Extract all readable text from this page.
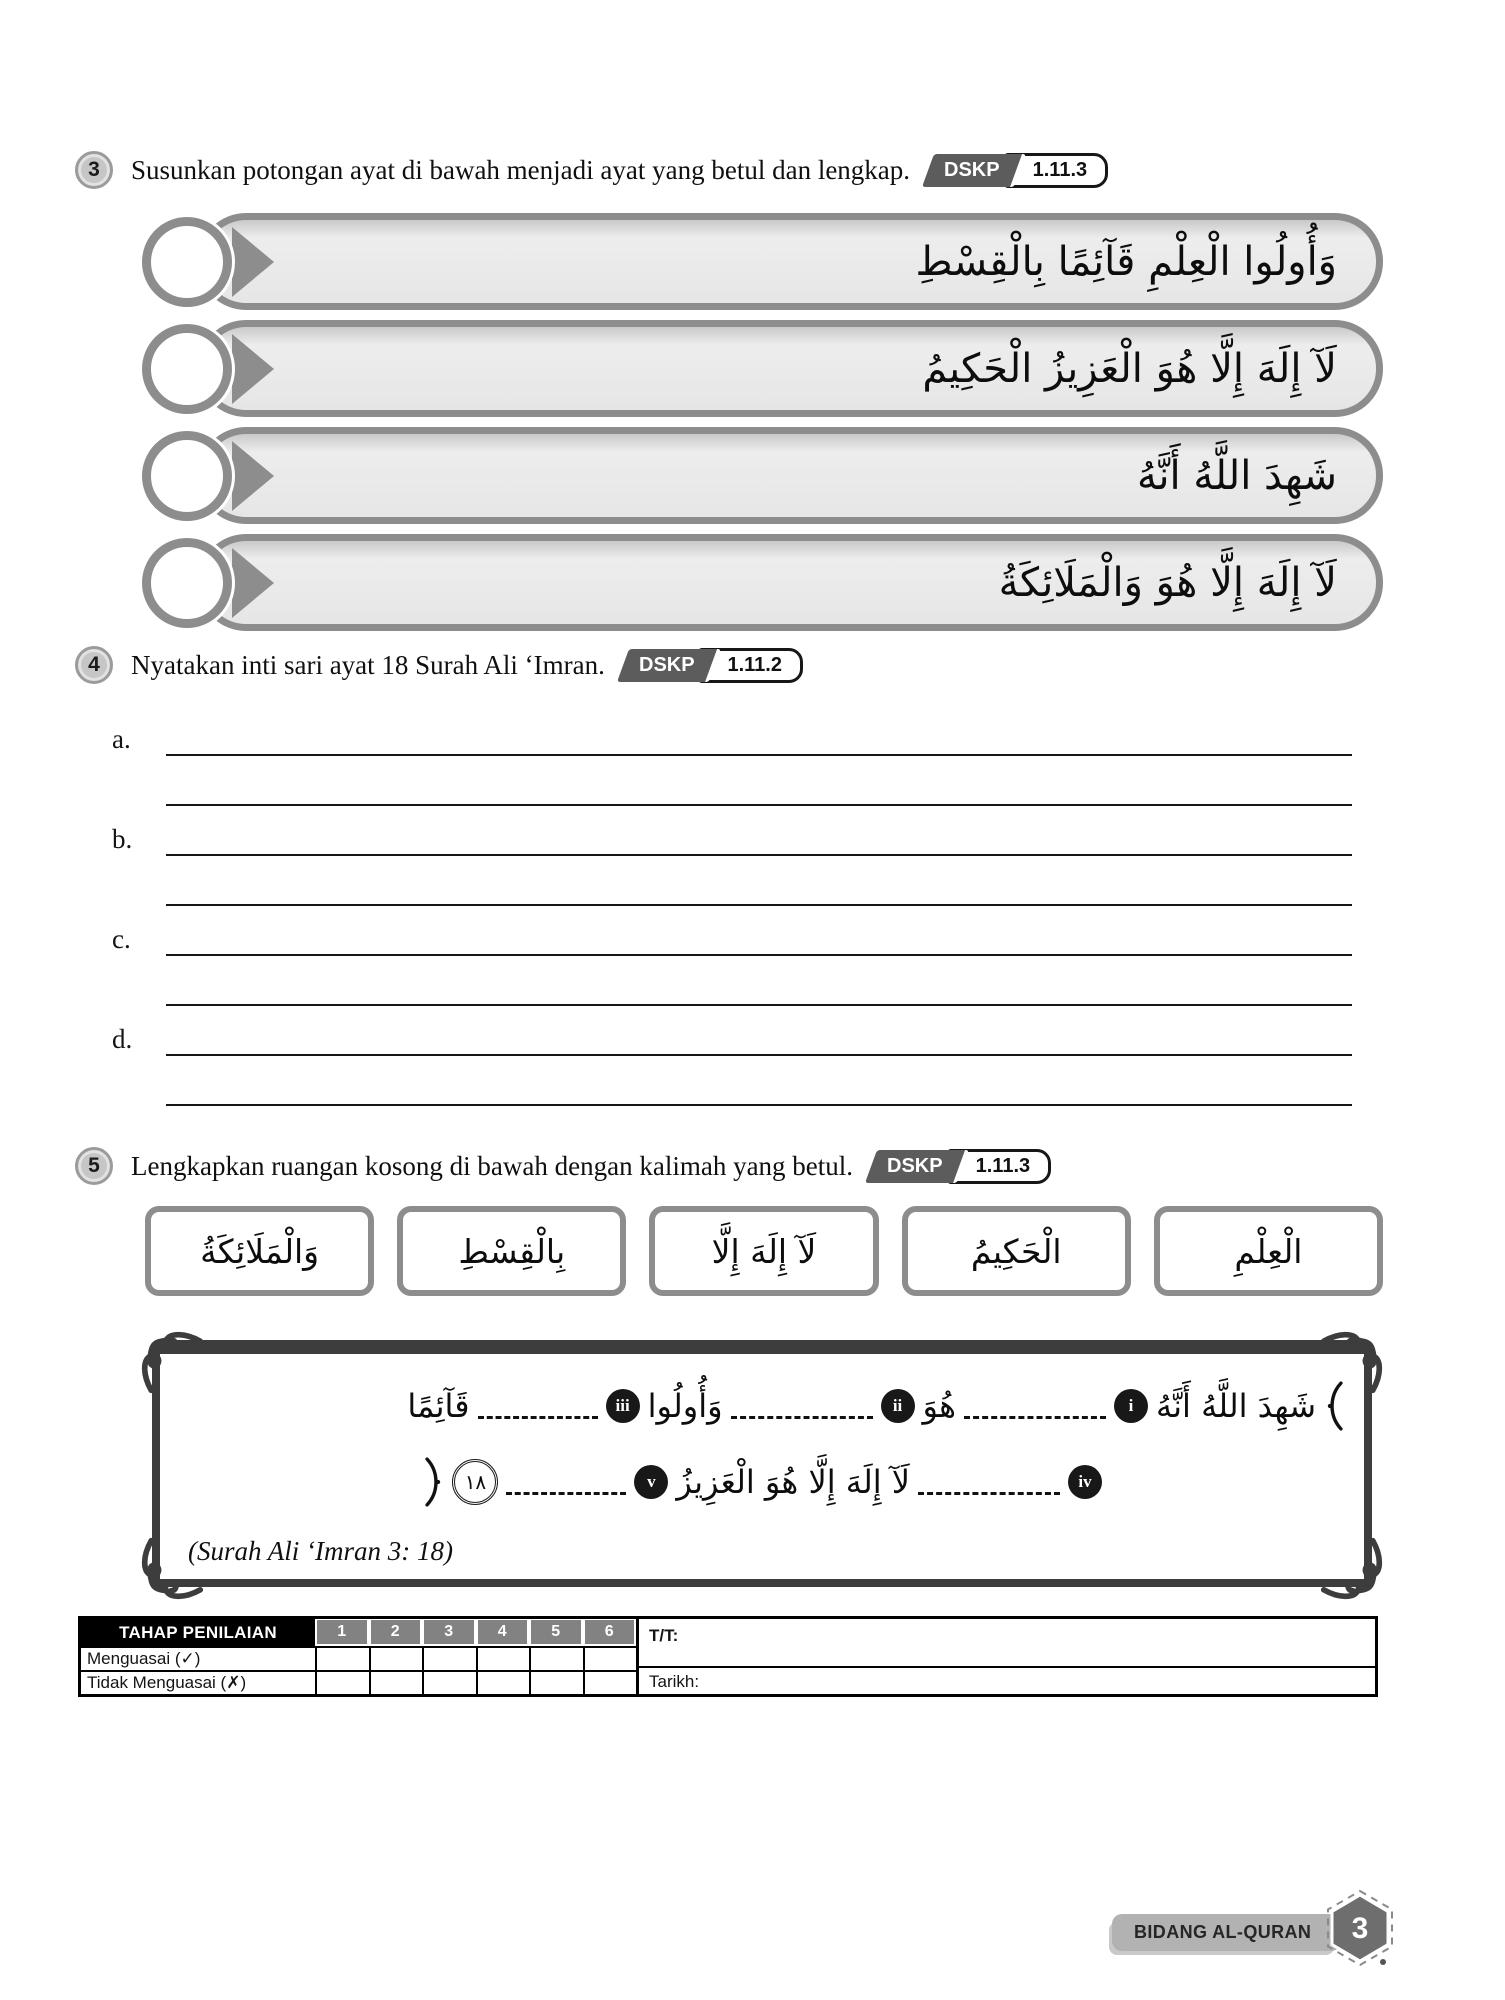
3	Susunkan potongan ayat di bawah menjadi ayat yang betul dan lengkap.	DSKP	1.11.3
وَأُولُوا الْعِلْمِ قَآئِمًا بِالْقِسْطِ
لَآ إِلَهَ إِلَّا هُوَ الْعَزِيزُ الْحَكِيمُ
شَهِدَ اللَّهُ أَنَّهُ
لَآ إِلَهَ إِلَّا هُوَ وَالْمَلَائِكَةُ
4	Nyatakan inti sari ayat 18 Surah Ali ‘Imran.	DSKP	1.11.2
a.
b.
c.
d.
5	Lengkapkan ruangan kosong di bawah dengan kalimah yang betul.	DSKP	1.11.3
وَالْمَلَائِكَةُ	بِالْقِسْطِ	لَآ إِلَهَ إِلَّا	الْحَكِيمُ	الْعِلْمِ
شَهِدَ اللَّهُ أَنَّهُ
i
هُوَ
ii
وَأُولُوا
iii
قَآئِمًا
iv
لَآ إِلَهَ إِلَّا هُوَ الْعَزِيزُ
v
١٨
(Surah Ali ‘Imran 3: 18)
TAHAP PENILAIAN	1	2	3	4	5	6
Menguasai (✓)
Tidak Menguasai (✗)
T/T:
Tarikh:
BIDANG AL-QURAN	3
